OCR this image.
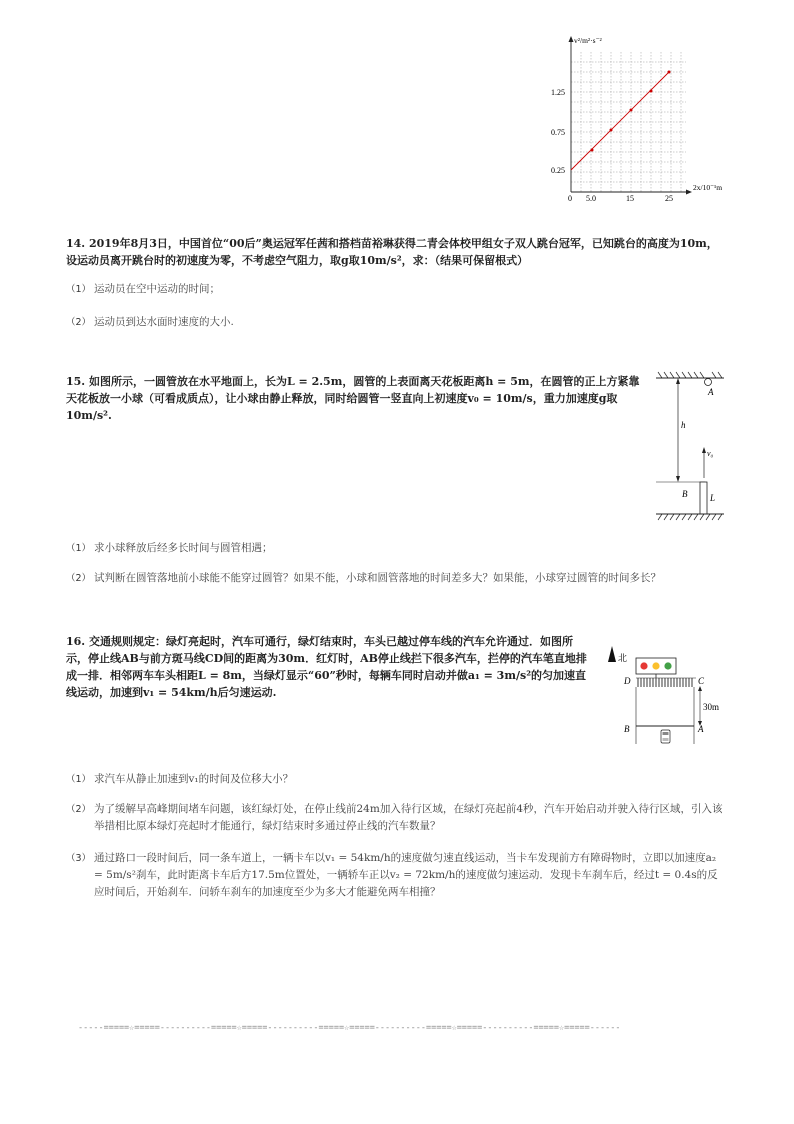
v²/m²·s⁻²
2x/10⁻¹m
1.25
0.75
0.25
0 5.0	15	25
14. 2019年8月3日，中国首位“00后”奥运冠军任茜和搭档苗裕琳获得二青会体校甲组女子双人跳台冠军，已知跳台的高度为10m，设运动员离开跳台时的初速度为零，不考虑空气阻力，取g取10m/s²，求：（结果可保留根式）
（1） 运动员在空中运动的时间；
（2） 运动员到达水面时速度的大小.
15. 如图所示，一圆管放在水平地面上，长为L = 2.5m，圆管的上表面离天花板距离h = 5m，在圆管的正上方紧靠天花板放一小球（可看成质点），让小球由静止释放，同时给圆管一竖直向上初速度v₀ = 10m/s，重力加速度g取10m/s².
A
h
v₀
B	L
（1） 求小球释放后经多长时间与圆管相遇；
（2） 试判断在圆管落地前小球能不能穿过圆管？如果不能，小球和圆管落地的时间差多大？如果能，小球穿过圆管的时间多长？
16. 交通规则规定：绿灯亮起时，汽车可通行，绿灯结束时，车头已越过停车线的汽车允许通过．如图所示，停止线AB与前方斑马线CD间的距离为30m．红灯时，AB停止线拦下很多汽车，拦停的汽车笔直地排成一排．相邻两车车头相距L = 8m，当绿灯显示“60”秒时，每辆车同时启动并做a₁ = 3m/s²的匀加速直线运动，加速到v₁ = 54km/h后匀速运动.
北
D	C
30m
B	A
（1） 求汽车从静止加速到v₁的时间及位移大小？
（2） 为了缓解早高峰期间堵车问题，该红绿灯处，在停止线前24m加入待行区域，在绿灯亮起前4秒，汽车开始启动并驶入待行区域，引入该举措相比原本绿灯亮起时才能通行，绿灯结束时多通过停止线的汽车数量？
（3） 通过路口一段时间后，同一条车道上，一辆卡车以v₁ = 54km/h的速度做匀速直线运动，当卡车发现前方有障碍物时，立即以加速度a₂ = 5m/s²刹车，此时距离卡车后方17.5m位置处，一辆轿车正以v₂ = 72km/h的速度做匀速运动．发现卡车刹车后，经过t = 0.4s的反应时间后，开始刹车．问轿车刹车的加速度至少为多大才能避免两车相撞？
-----=====☆=====----------=====☆=====----------=====☆=====----------=====☆=====----------=====☆=====------
